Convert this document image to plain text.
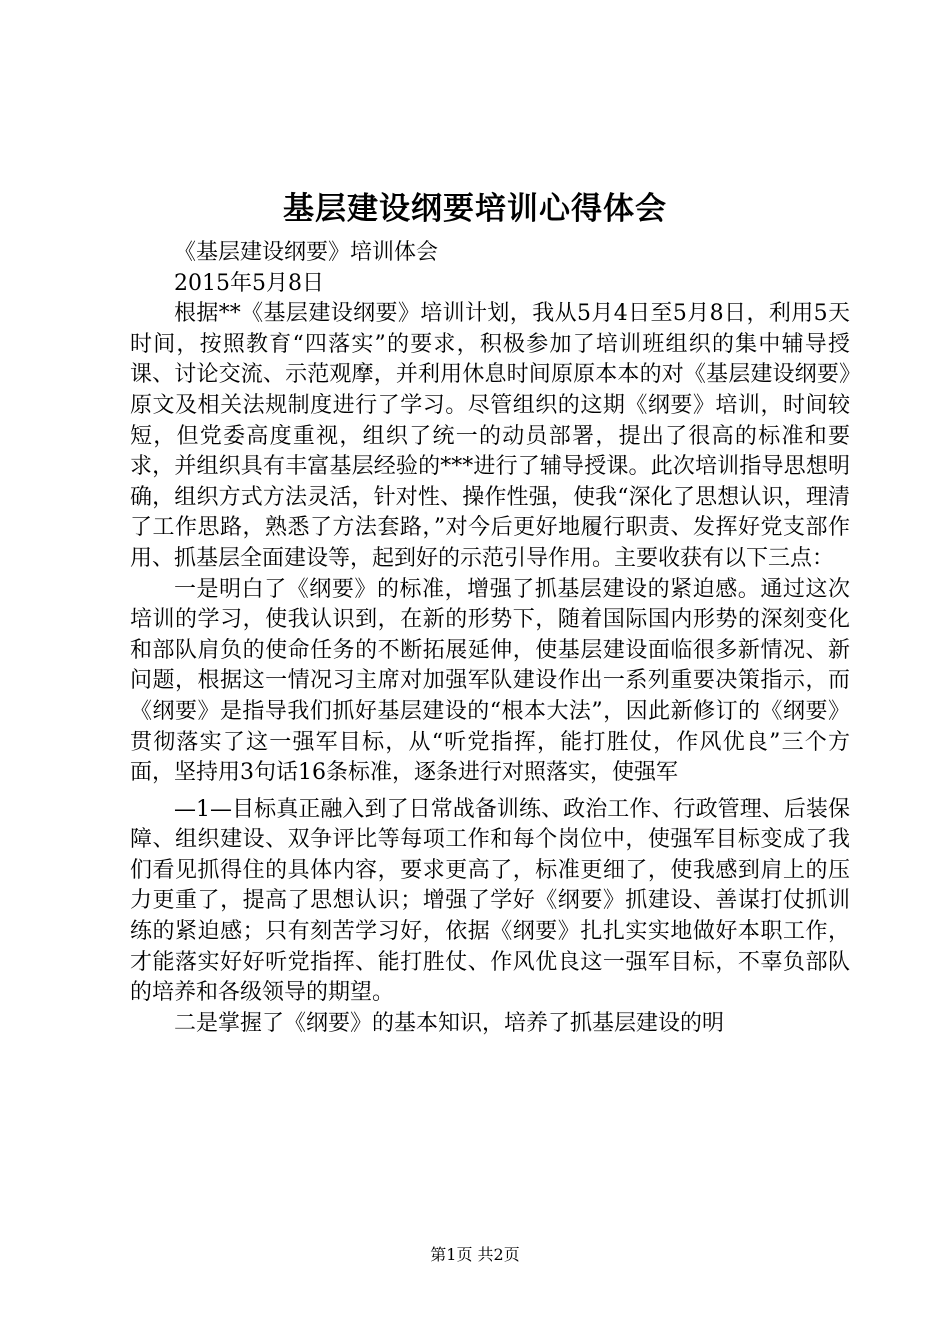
基层建设纲要培训心得体会

《基层建设纲要》培训体会

2015年5月8日

根据**《基层建设纲要》培训计划，我从5月4日至5月8日，利用5天时间，按照教育“四落实”的要求，积极参加了培训班组织的集中辅导授课、讨论交流、示范观摩，并利用休息时间原原本本的对《基层建设纲要》原文及相关法规制度进行了学习。尽管组织的这期《纲要》培训，时间较短，但党委高度重视，组织了统一的动员部署，提出了很高的标准和要求，并组织具有丰富基层经验的***进行了辅导授课。此次培训指导思想明确，组织方式方法灵活，针对性、操作性强，使我“深化了思想认识，理清了工作思路，熟悉了方法套路，”对今后更好地履行职责、发挥好党支部作用、抓基层全面建设等，起到好的示范引导作用。主要收获有以下三点：

一是明白了《纲要》的标准，增强了抓基层建设的紧迫感。通过这次培训的学习，使我认识到，在新的形势下，随着国际国内形势的深刻变化和部队肩负的使命任务的不断拓展延伸，使基层建设面临很多新情况、新问题，根据这一情况习主席对加强军队建设作出一系列重要决策指示，而《纲要》是指导我们抓好基层建设的“根本大法”，因此新修订的《纲要》贯彻落实了这一强军目标，从“听党指挥，能打胜仗，作风优良”三个方面，坚持用3句话16条标准，逐条进行对照落实，使强军

—1—目标真正融入到了日常战备训练、政治工作、行政管理、后装保障、组织建设、双争评比等每项工作和每个岗位中，使强军目标变成了我们看见抓得住的具体内容，要求更高了，标准更细了，使我感到肩上的压力更重了，提高了思想认识；增强了学好《纲要》抓建设、善谋打仗抓训练的紧迫感；只有刻苦学习好，依据《纲要》扎扎实实地做好本职工作，才能落实好好听党指挥、能打胜仗、作风优良这一强军目标，不辜负部队的培养和各级领导的期望。

二是掌握了《纲要》的基本知识，培养了抓基层建设的明

第1页 共2页
